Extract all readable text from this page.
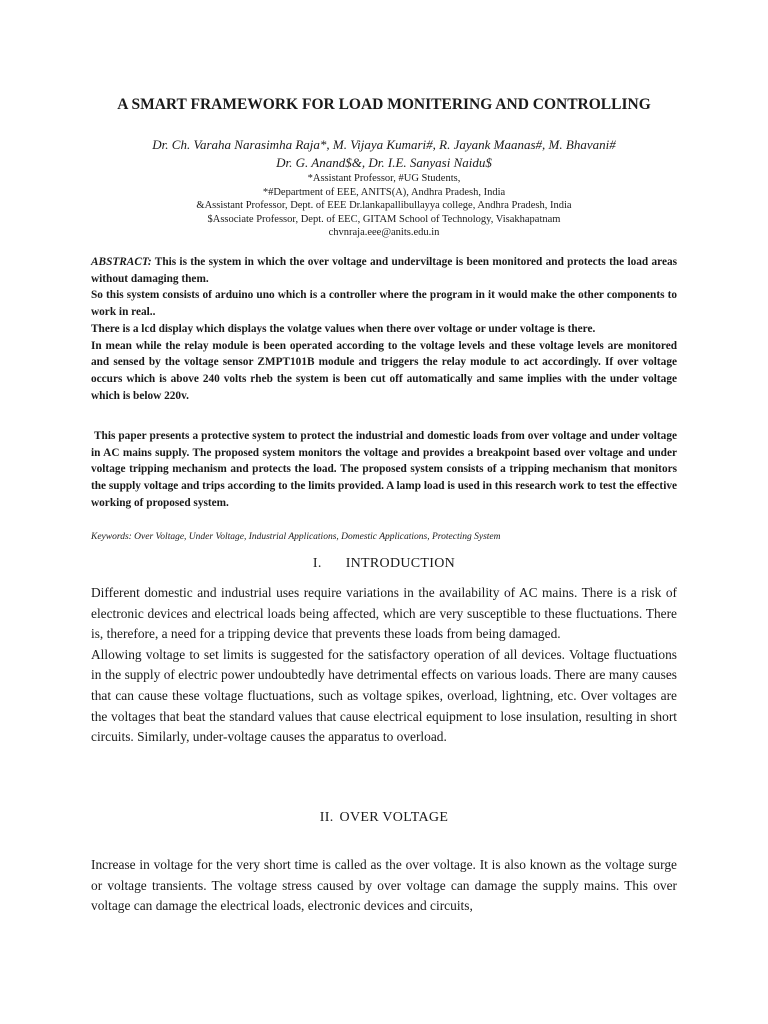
A SMART FRAMEWORK FOR LOAD MONITERING AND CONTROLLING
Dr. Ch. Varaha Narasimha Raja*, M. Vijaya Kumari#, R. Jayank Maanas#, M. Bhavani#
Dr. G. Anand$&, Dr. I.E. Sanyasi Naidu$
*Assistant Professor, #UG Students,
*#Department of EEE, ANITS(A), Andhra Pradesh, India
&Assistant Professor, Dept. of EEE Dr.lankapallibullayya college, Andhra Pradesh, India
$Associate Professor, Dept. of EEC, GITAM School of Technology, Visakhapatnam
chvnraja.eee@anits.edu.in

ABSTRACT: This is the system in which the over voltage and underviltage is been monitored and protects the load areas without damaging them.

So this system consists of arduino uno which is a controller where the program in it would make the other components to work in real..

There is a lcd display which displays the volatge values when there over voltage or under voltage is there.

In mean while the relay module is been operated according to the voltage levels and these voltage levels are monitored and sensed by the voltage sensor ZMPT101B module and triggers the relay module to act accordingly. If over voltage occurs which is above 240 volts rheb the system is been cut off automatically and same implies with the under voltage which is below 220v.

This paper presents a protective system to protect the industrial and domestic loads from over voltage and under voltage in AC mains supply. The proposed system monitors the voltage and provides a breakpoint based over voltage and under voltage tripping mechanism and protects the load. The proposed system consists of a tripping mechanism that monitors the supply voltage and trips according to the limits provided. A lamp load is used in this research work to test the effective working of proposed system.
Keywords: Over Voltage, Under Voltage, Industrial Applications, Domestic Applications, Protecting System
I. INTRODUCTION

Different domestic and industrial uses require variations in the availability of AC mains. There is a risk of electronic devices and electrical loads being affected, which are very susceptible to these fluctuations. There is, therefore, a need for a tripping device that prevents these loads from being damaged.

Allowing voltage to set limits is suggested for the satisfactory operation of all devices. Voltage fluctuations in the supply of electric power undoubtedly have detrimental effects on various loads. There are many causes that can cause these voltage fluctuations, such as voltage spikes, overload, lightning, etc. Over voltages are the voltages that beat the standard values that cause electrical equipment to lose insulation, resulting in short circuits. Similarly, under-voltage causes the apparatus to overload.

II. OVER VOLTAGE

Increase in voltage for the very short time is called as the over voltage. It is also known as the voltage surge or voltage transients. The voltage stress caused by over voltage can damage the supply mains. This over voltage can damage the electrical loads, electronic devices and circuits,
